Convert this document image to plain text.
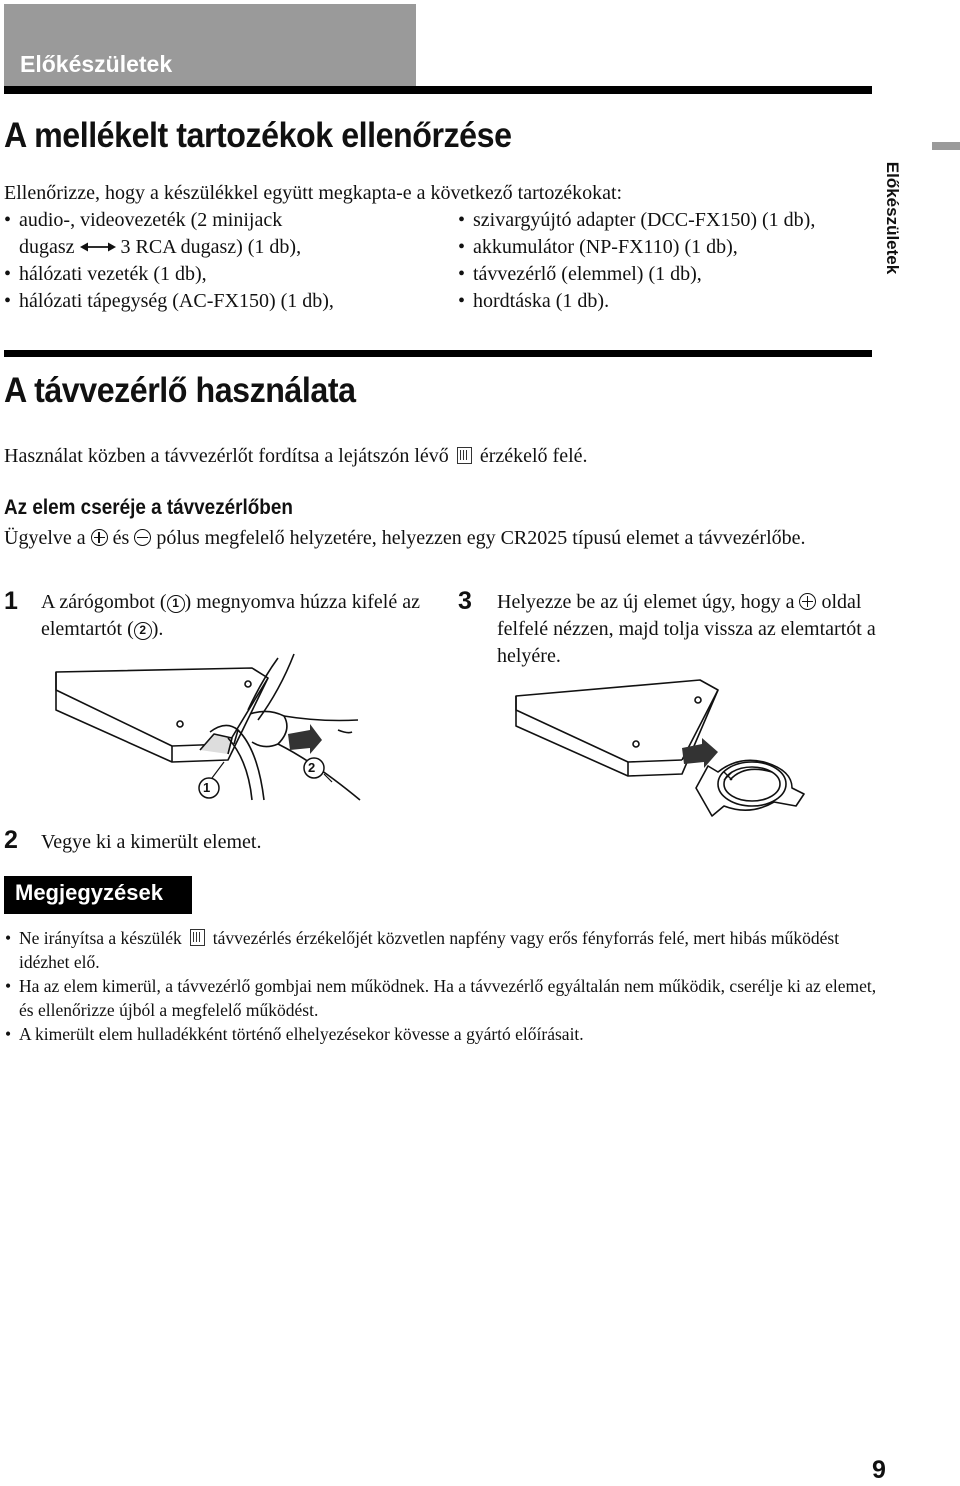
Előkészületek
A mellékelt tartozékok ellenőrzése
Előkészületek
Ellenőrizze, hogy a készülékkel együtt megkapta-e a következő tartozékokat:
• audio-, videovezeték (2 minijack
dugasz 3 RCA dugasz) (1 db),
• hálózati vezeték (1 db),
• hálózati tápegység (AC-FX150) (1 db),
• szivargyújtó adapter (DCC-FX150) (1 db),
• akkumulátor (NP-FX110) (1 db),
• távvezérlő (elemmel) (1 db),
• hordtáska (1 db).
A távvezérlő használata
Használat közben a távvezérlőt fordítsa a lejátszón lévő érzékelő felé.
Az elem cseréje a távvezérlőben
Ügyelve a és pólus megfelelő helyzetére, helyezzen egy CR2025 típusú elemet a távvezérlőbe.
1 A zárógombot ( 1 ) megnyomva húzza kifelé az elemtartót ( 2 ).
3 Helyezze be az új elemet úgy, hogy a oldal felfelé nézzen, majd tolja vissza az elemtartót a helyére.
1
2
2 Vegye ki a kimerült elemet.
Megjegyzések
• Ne irányítsa a készülék távvezérlés érzékelőjét közvetlen napfény vagy erős fényforrás felé, mert hibás működést idézhet elő.
• Ha az elem kimerül, a távvezérlő gombjai nem működnek. Ha a távvezérlő egyáltalán nem működik, cserélje ki az elemet, és ellenőrizze újból a megfelelő működést.
• A kimerült elem hulladékként történő elhelyezésekor kövesse a gyártó előírásait.
9
